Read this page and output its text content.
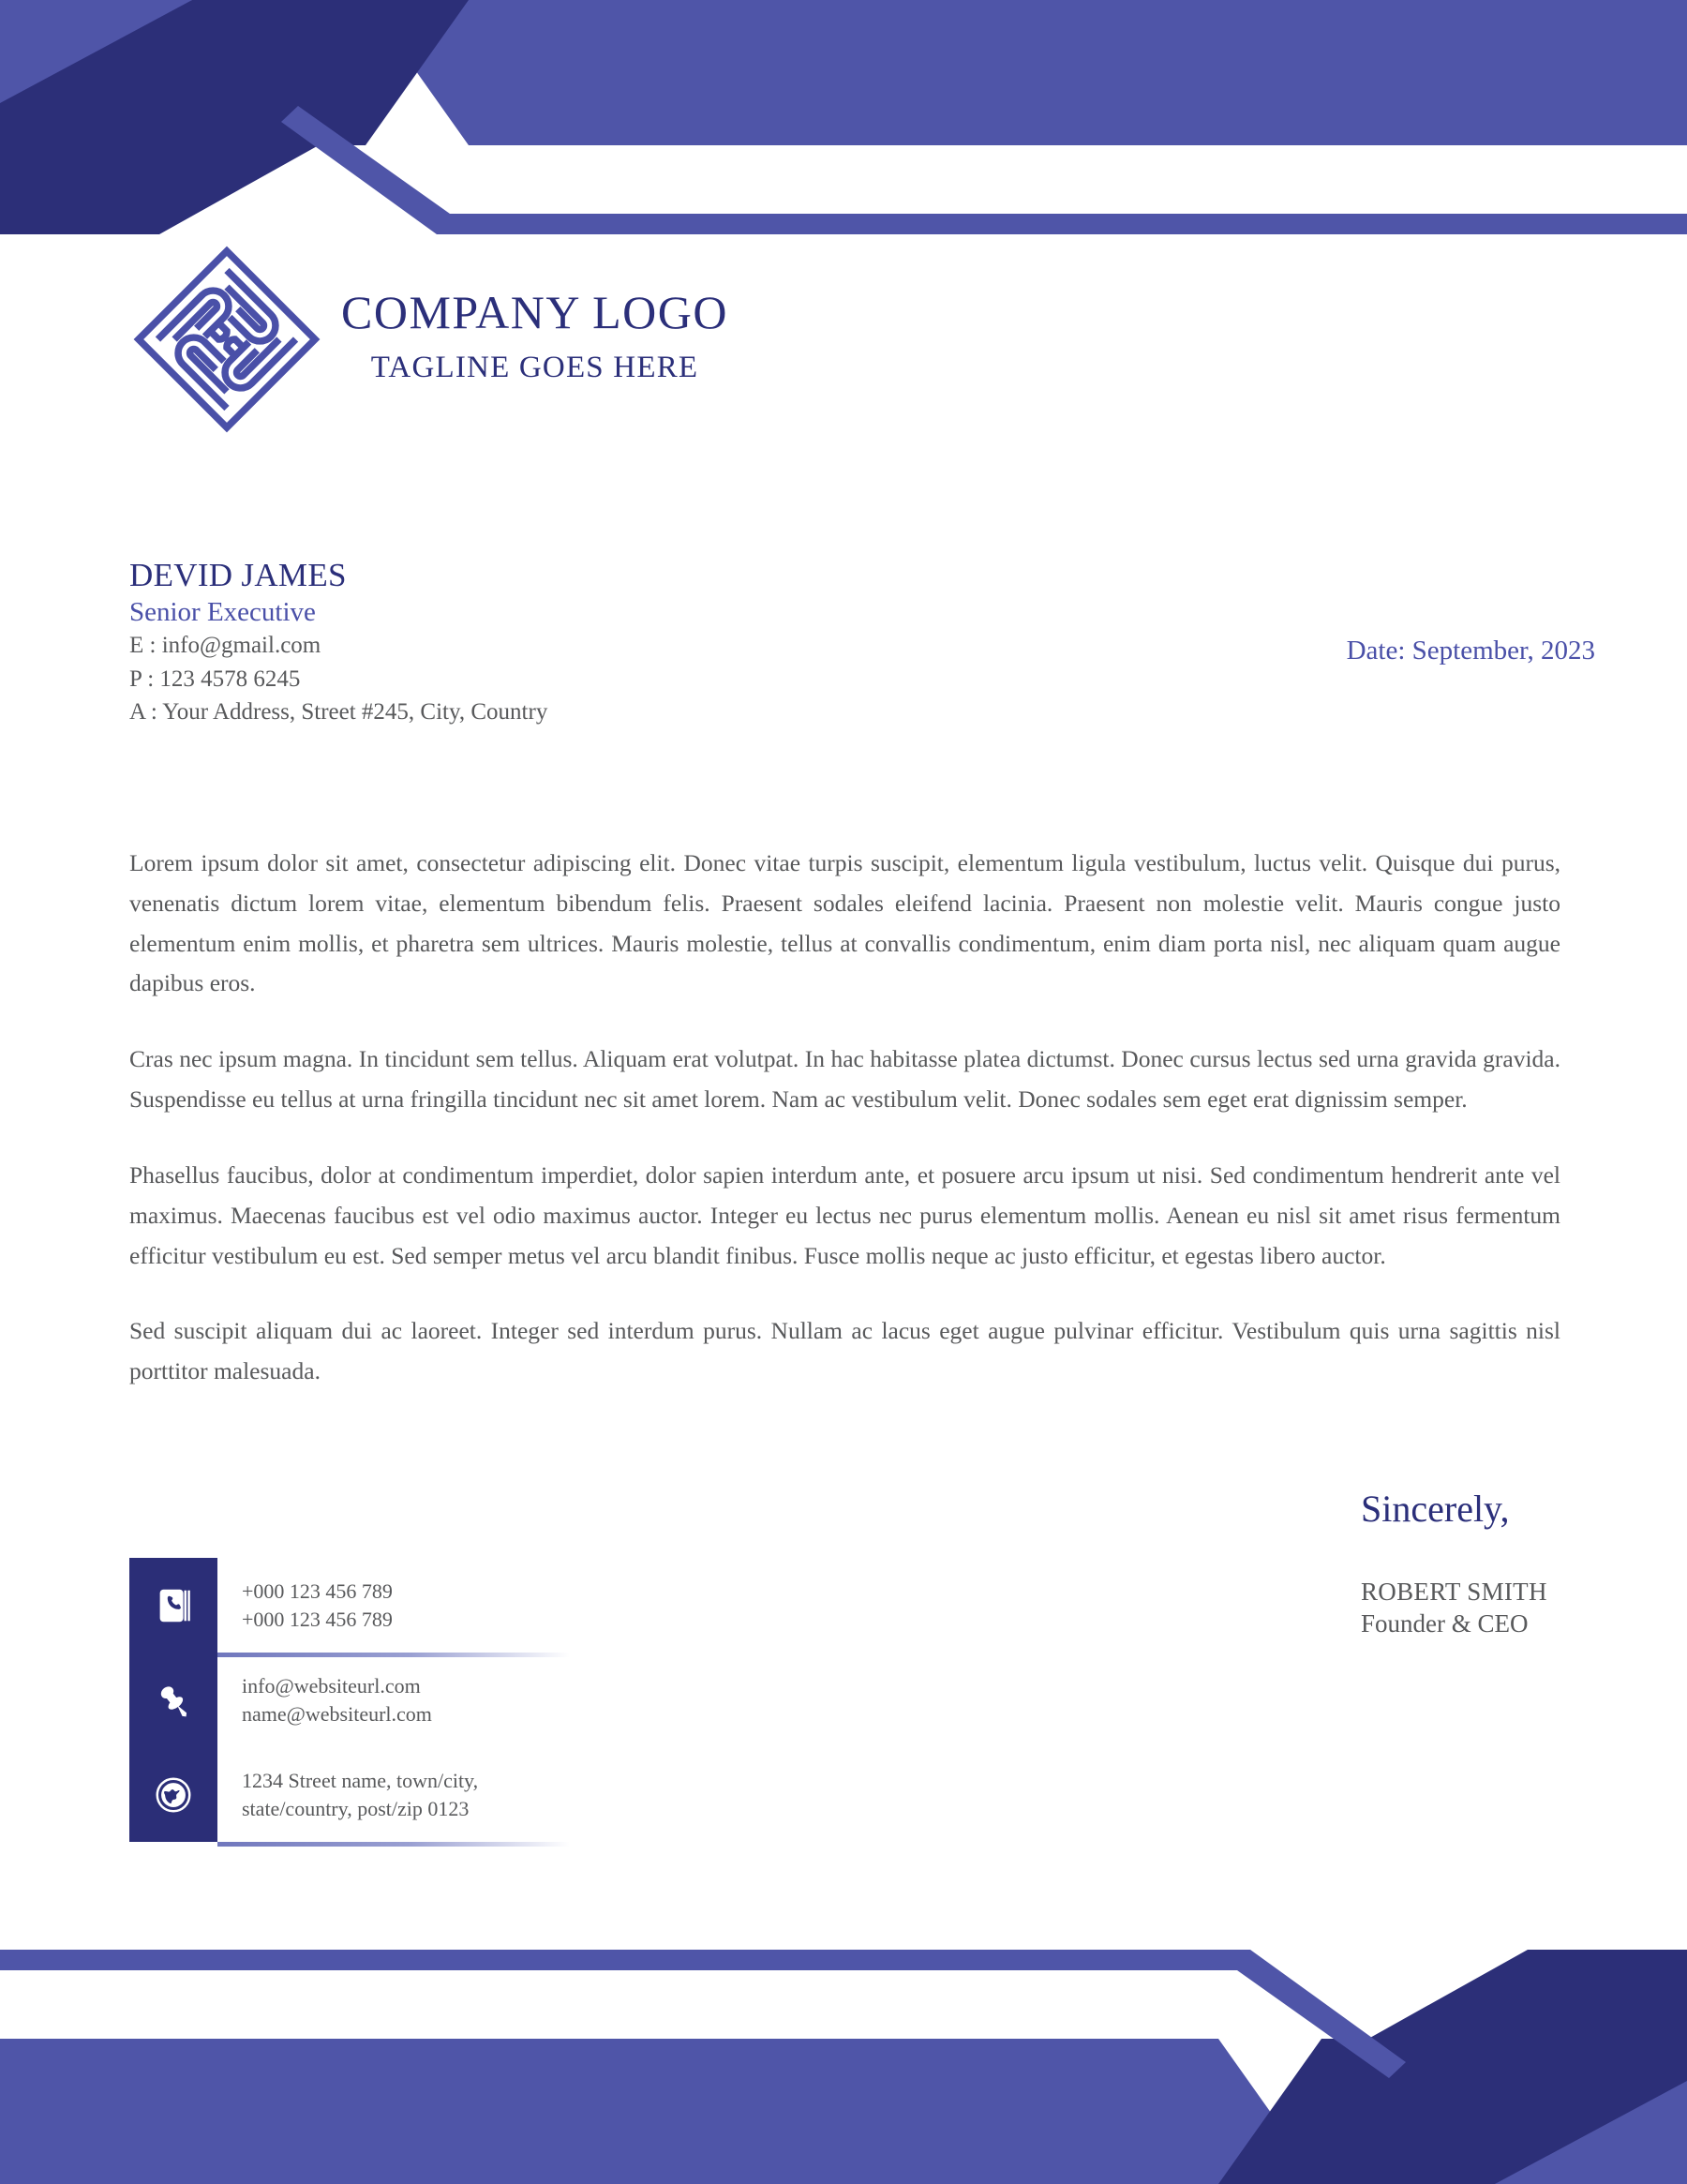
COMPANY LOGO
TAGLINE GOES HERE
DEVID JAMES
Senior Executive
E : info@gmail.com
P : 123 4578 6245
A : Your Address, Street #245, City, Country
Date: September, 2023

Lorem ipsum dolor sit amet, consectetur adipiscing elit. Donec vitae turpis suscipit, elementum ligula vestibulum, luctus velit. Quisque dui purus, venenatis dictum lorem vitae, elementum bibendum felis. Praesent sodales eleifend lacinia. Praesent non molestie velit. Mauris congue justo elementum enim mollis, et pharetra sem ultrices. Mauris molestie, tellus at convallis condimentum, enim diam porta nisl, nec aliquam quam augue dapibus eros.

Cras nec ipsum magna. In tincidunt sem tellus. Aliquam erat volutpat. In hac habitasse platea dictumst. Donec cursus lectus sed urna gravida gravida. Suspendisse eu tellus at urna fringilla tincidunt nec sit amet lorem. Nam ac vestibulum velit. Donec sodales sem eget erat dignissim semper.

Phasellus faucibus, dolor at condimentum imperdiet, dolor sapien interdum ante, et posuere arcu ipsum ut nisi. Sed condimentum hendrerit ante vel maximus. Maecenas faucibus est vel odio maximus auctor. Integer eu lectus nec purus elementum mollis. Aenean eu nisl sit amet risus fermentum efficitur vestibulum eu est. Sed semper metus vel arcu blandit finibus. Fusce mollis neque ac justo efficitur, et egestas libero auctor.

Sed suscipit aliquam dui ac laoreet. Integer sed interdum purus. Nullam ac lacus eget augue pulvinar efficitur. Vestibulum quis urna sagittis nisl porttitor malesuada.

Sincerely,
ROBERT SMITH
Founder & CEO
+000 123 456 789
+000 123 456 789
info@websiteurl.com
name@websiteurl.com
1234 Street name, town/city,
state/country, post/zip 0123
